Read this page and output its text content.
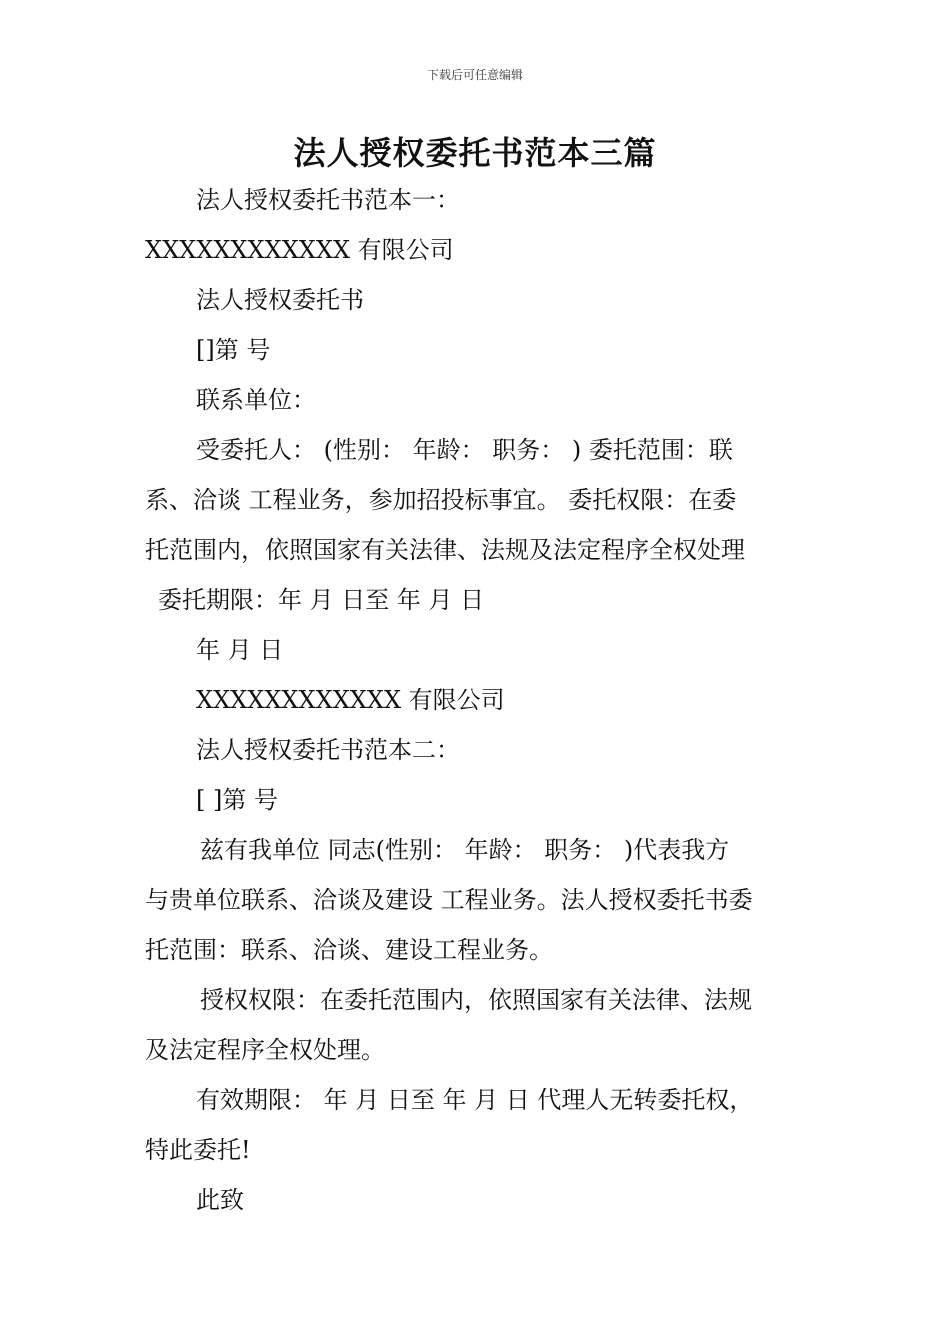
下载后可任意编辑
法人授权委托书范本三篇
法人授权委托书范本一：
XXXXXXXXXXXX 有限公司
法人授权委托书
[]第 号
联系单位：
受委托人： (性别： 年龄： 职务： ) 委托范围：联
系、洽谈 工程业务，参加招投标事宜。 委托权限：在委
托范围内，依照国家有关法律、法规及法定程序全权处理
委托期限：年 月 日至 年 月 日
年 月 日
XXXXXXXXXXXX 有限公司
法人授权委托书范本二：
[ ]第 号
兹有我单位 同志(性别： 年龄： 职务： )代表我方
与贵单位联系、洽谈及建设 工程业务。法人授权委托书委
托范围：联系、洽谈、建设工程业务。
授权权限：在委托范围内，依照国家有关法律、法规
及法定程序全权处理。
有效期限： 年 月 日至 年 月 日 代理人无转委托权，
特此委托!
此致
